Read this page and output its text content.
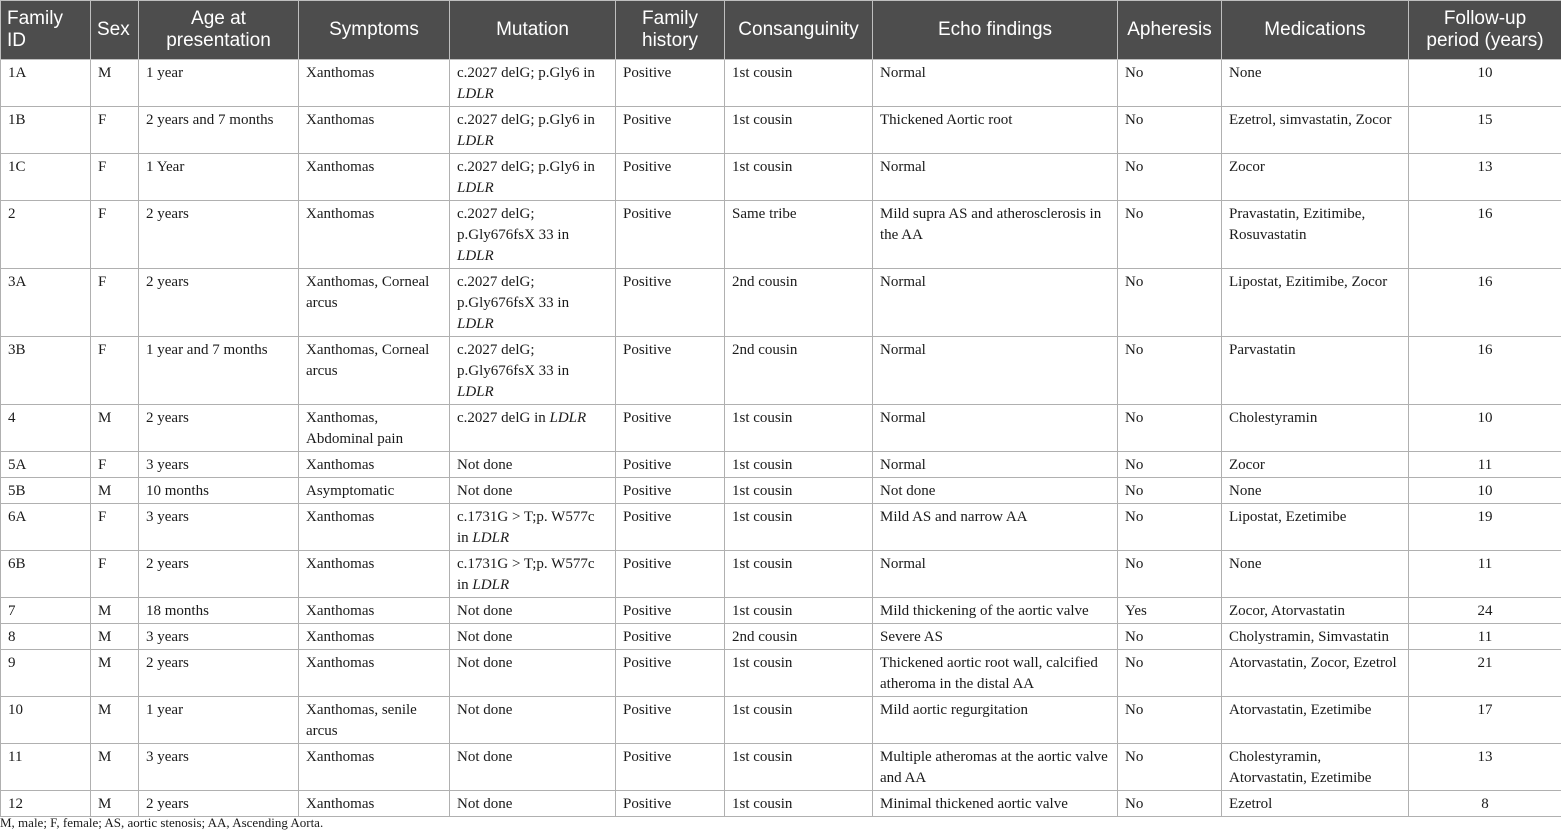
Family ID	Sex	Age at presentation	Symptoms	Mutation	Family history	Consanguinity	Echo findings	Apheresis	Medications	Follow-up period (years)
1A	M	1 year	Xanthomas	c.2027 delG; p.Gly6 in LDLR	Positive	1st cousin	Normal	No	None	10
1B	F	2 years and 7 months	Xanthomas	c.2027 delG; p.Gly6 in LDLR	Positive	1st cousin	Thickened Aortic root	No	Ezetrol, simvastatin, Zocor	15
1C	F	1 Year	Xanthomas	c.2027 delG; p.Gly6 in LDLR	Positive	1st cousin	Normal	No	Zocor	13
2	F	2 years	Xanthomas	c.2027 delG; p.Gly676fsX 33 in LDLR	Positive	Same tribe	Mild supra AS and atherosclerosis in the AA	No	Pravastatin, Ezitimibe, Rosuvastatin	16
3A	F	2 years	Xanthomas, Corneal arcus	c.2027 delG; p.Gly676fsX 33 in LDLR	Positive	2nd cousin	Normal	No	Lipostat, Ezitimibe, Zocor	16
3B	F	1 year and 7 months	Xanthomas, Corneal arcus	c.2027 delG; p.Gly676fsX 33 in LDLR	Positive	2nd cousin	Normal	No	Parvastatin	16
4	M	2 years	Xanthomas, Abdominal pain	c.2027 delG in LDLR	Positive	1st cousin	Normal	No	Cholestyramin	10
5A	F	3 years	Xanthomas	Not done	Positive	1st cousin	Normal	No	Zocor	11
5B	M	10 months	Asymptomatic	Not done	Positive	1st cousin	Not done	No	None	10
6A	F	3 years	Xanthomas	c.1731G > T;p. W577c in LDLR	Positive	1st cousin	Mild AS and narrow AA	No	Lipostat, Ezetimibe	19
6B	F	2 years	Xanthomas	c.1731G > T;p. W577c in LDLR	Positive	1st cousin	Normal	No	None	11
7	M	18 months	Xanthomas	Not done	Positive	1st cousin	Mild thickening of the aortic valve	Yes	Zocor, Atorvastatin	24
8	M	3 years	Xanthomas	Not done	Positive	2nd cousin	Severe AS	No	Cholystramin, Simvastatin	11
9	M	2 years	Xanthomas	Not done	Positive	1st cousin	Thickened aortic root wall, calcified atheroma in the distal AA	No	Atorvastatin, Zocor, Ezetrol	21
10	M	1 year	Xanthomas, senile arcus	Not done	Positive	1st cousin	Mild aortic regurgitation	No	Atorvastatin, Ezetimibe	17
11	M	3 years	Xanthomas	Not done	Positive	1st cousin	Multiple atheromas at the aortic valve and AA	No	Cholestyramin, Atorvastatin, Ezetimibe	13
12	M	2 years	Xanthomas	Not done	Positive	1st cousin	Minimal thickened aortic valve	No	Ezetrol	8
M, male; F, female; AS, aortic stenosis; AA, Ascending Aorta.
